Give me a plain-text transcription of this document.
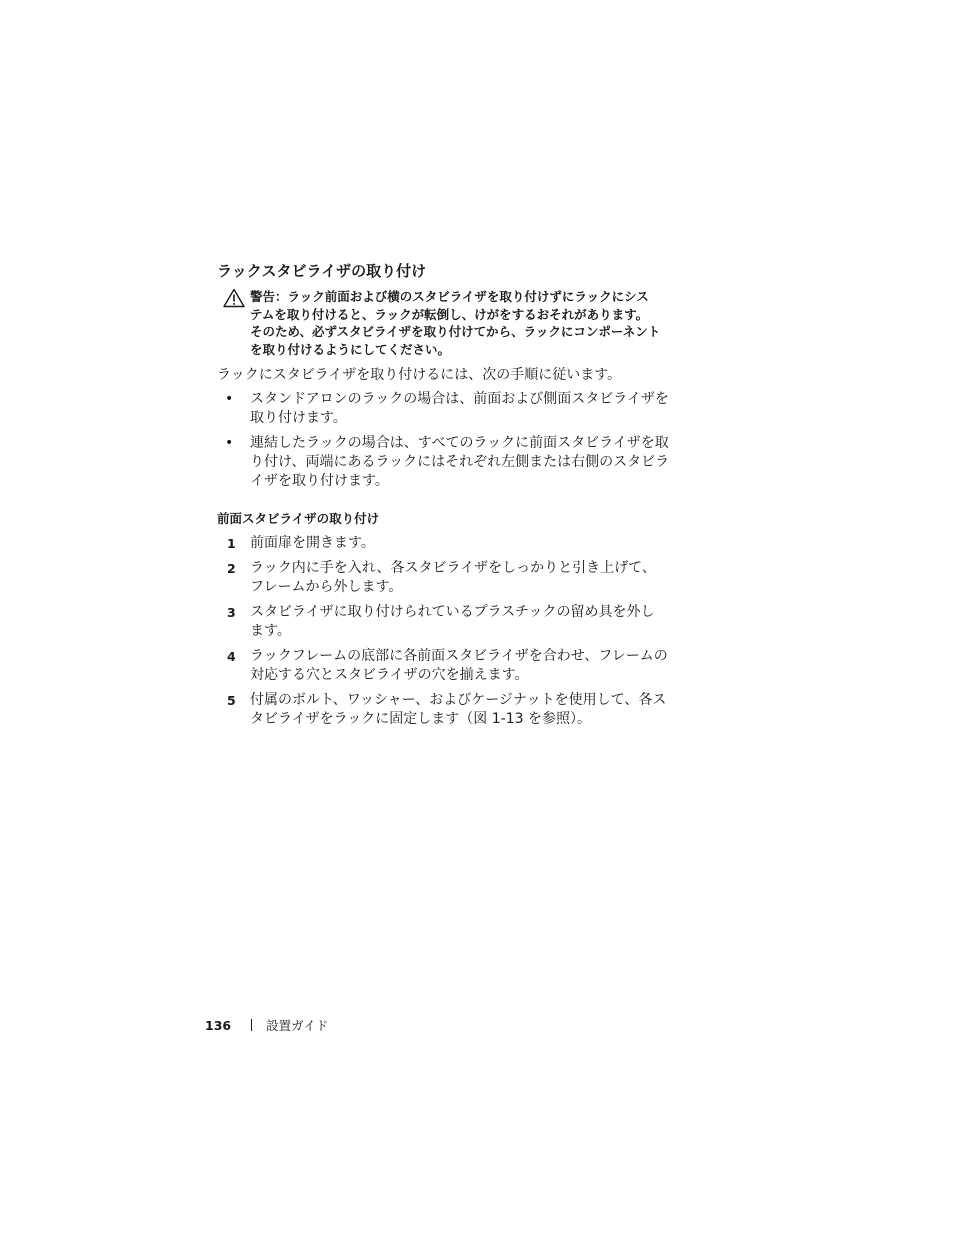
ラックスタビライザの取り付け
警告：ラック前面および横のスタビライザを取り付けずにラックにシス
テムを取り付けると、ラックが転倒し、けがをするおそれがあります。
そのため、必ずスタビライザを取り付けてから、ラックにコンポーネント
を取り付けるようにしてください。
ラックにスタビライザを取り付けるには、次の手順に従います。
• スタンドアロンのラックの場合は、前面および側面スタビライザを
取り付けます。
• 連結したラックの場合は、すべてのラックに前面スタビライザを取
り付け、両端にあるラックにはそれぞれ左側または右側のスタビラ
イザを取り付けます。
前面スタビライザの取り付け
1 前面扉を開きます。
2 ラック内に手を入れ、各スタビライザをしっかりと引き上げて、
フレームから外します。
3 スタビライザに取り付けられているプラスチックの留め具を外し
ます。
4 ラックフレームの底部に各前面スタビライザを合わせ、フレームの
対応する穴とスタビライザの穴を揃えます。
5 付属のボルト、ワッシャー、およびケージナットを使用して、各ス
タビライザをラックに固定します（図 1-13 を参照）。
136	設置ガイド
